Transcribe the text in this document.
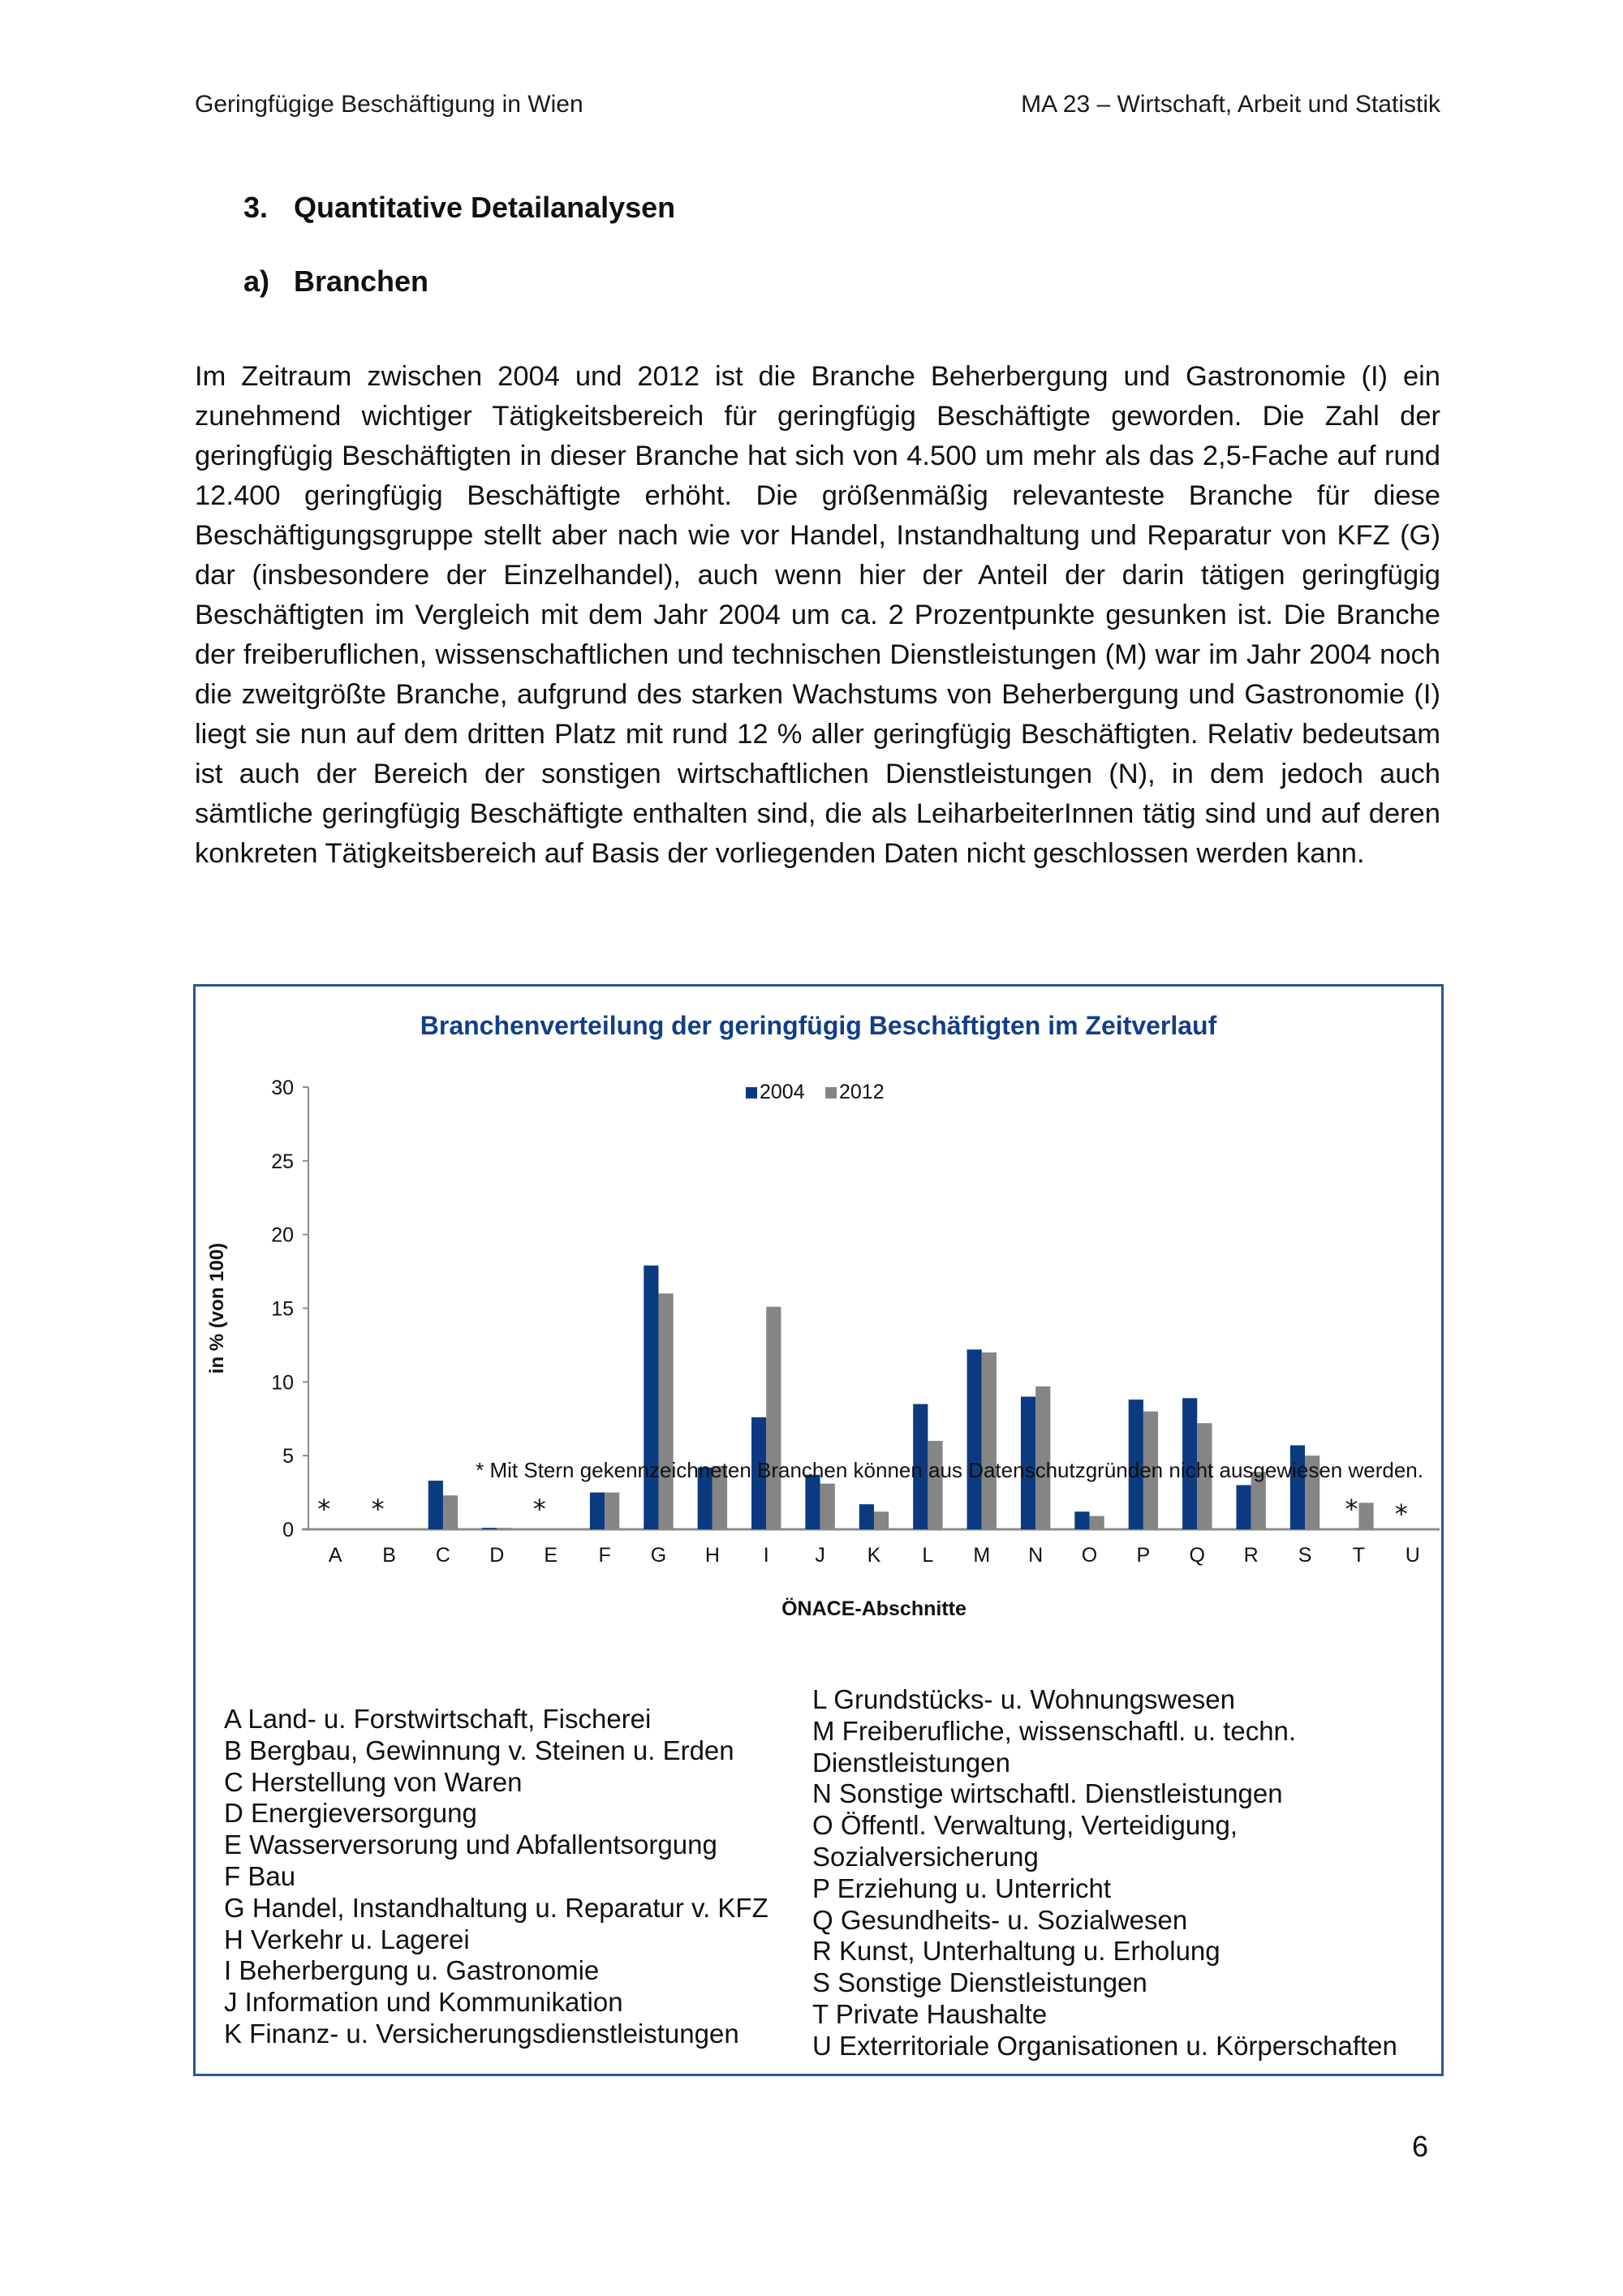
Geringfügige Beschäftigung in Wien	MA 23 – Wirtschaft, Arbeit und Statistik
3. Quantitative Detailanalysen
a) Branchen

Im Zeitraum zwischen 2004 und 2012 ist die Branche Beherbergung und Gastronomie (I) ein zunehmend wichtiger Tätigkeitsbereich für geringfügig Beschäftigte geworden. Die Zahl der geringfügig Beschäftigten in dieser Branche hat sich von 4.500 um mehr als das 2,5-Fache auf rund 12.400 geringfügig Beschäftigte erhöht. Die größenmäßig relevanteste Branche für diese Beschäftigungsgruppe stellt aber nach wie vor Handel, Instandhaltung und Reparatur von KFZ (G) dar (insbesondere der Einzelhandel), auch wenn hier der Anteil der darin tätigen geringfügig Beschäftigten im Vergleich mit dem Jahr 2004 um ca. 2 Prozentpunkte gesunken ist. Die Branche der freiberuflichen, wissenschaftlichen und technischen Dienstleistungen (M) war im Jahr 2004 noch die zweitgrößte Branche, aufgrund des starken Wachstums von Beherbergung und Gastronomie (I) liegt sie nun auf dem dritten Platz mit rund 12 % aller geringfügig Beschäftigten. Relativ bedeutsam ist auch der Bereich der sonstigen wirtschaftlichen Dienstleistungen (N), in dem jedoch auch sämtliche geringfügig Beschäftigte enthalten sind, die als LeiharbeiterInnen tätig sind und auf deren konkreten Tätigkeitsbereich auf Basis der vorliegenden Daten nicht geschlossen werden kann.

Branchenverteilung der geringfügig Beschäftigten im Zeitverlauf
0
5
10
15
20
25
30
in % (von 100)
ÖNACE-Abschnitte
A B C D E F G H I J K L M N O P Q R S T U
* *	*	* *
2004 2012
* Mit Stern gekennzeichneten Branchen können aus Datenschutzgründen nicht ausgewiesen werden.
A Land- u. Forstwirtschaft, Fischerei
B Bergbau, Gewinnung v. Steinen u. Erden
C Herstellung von Waren
D Energieversorgung
E Wasserversorung und Abfallentsorgung
F Bau
G Handel, Instandhaltung u. Reparatur v. KFZ
H Verkehr u. Lagerei
I Beherbergung u. Gastronomie
J Information und Kommunikation
K Finanz- u. Versicherungsdienstleistungen
L Grundstücks- u. Wohnungswesen
M Freiberufliche, wissenschaftl. u. techn.
Dienstleistungen
N Sonstige wirtschaftl. Dienstleistungen
O Öffentl. Verwaltung, Verteidigung,
Sozialversicherung
P Erziehung u. Unterricht
Q Gesundheits- u. Sozialwesen
R Kunst, Unterhaltung u. Erholung
S Sonstige Dienstleistungen
T Private Haushalte
U Exterritoriale Organisationen u. Körperschaften
6
